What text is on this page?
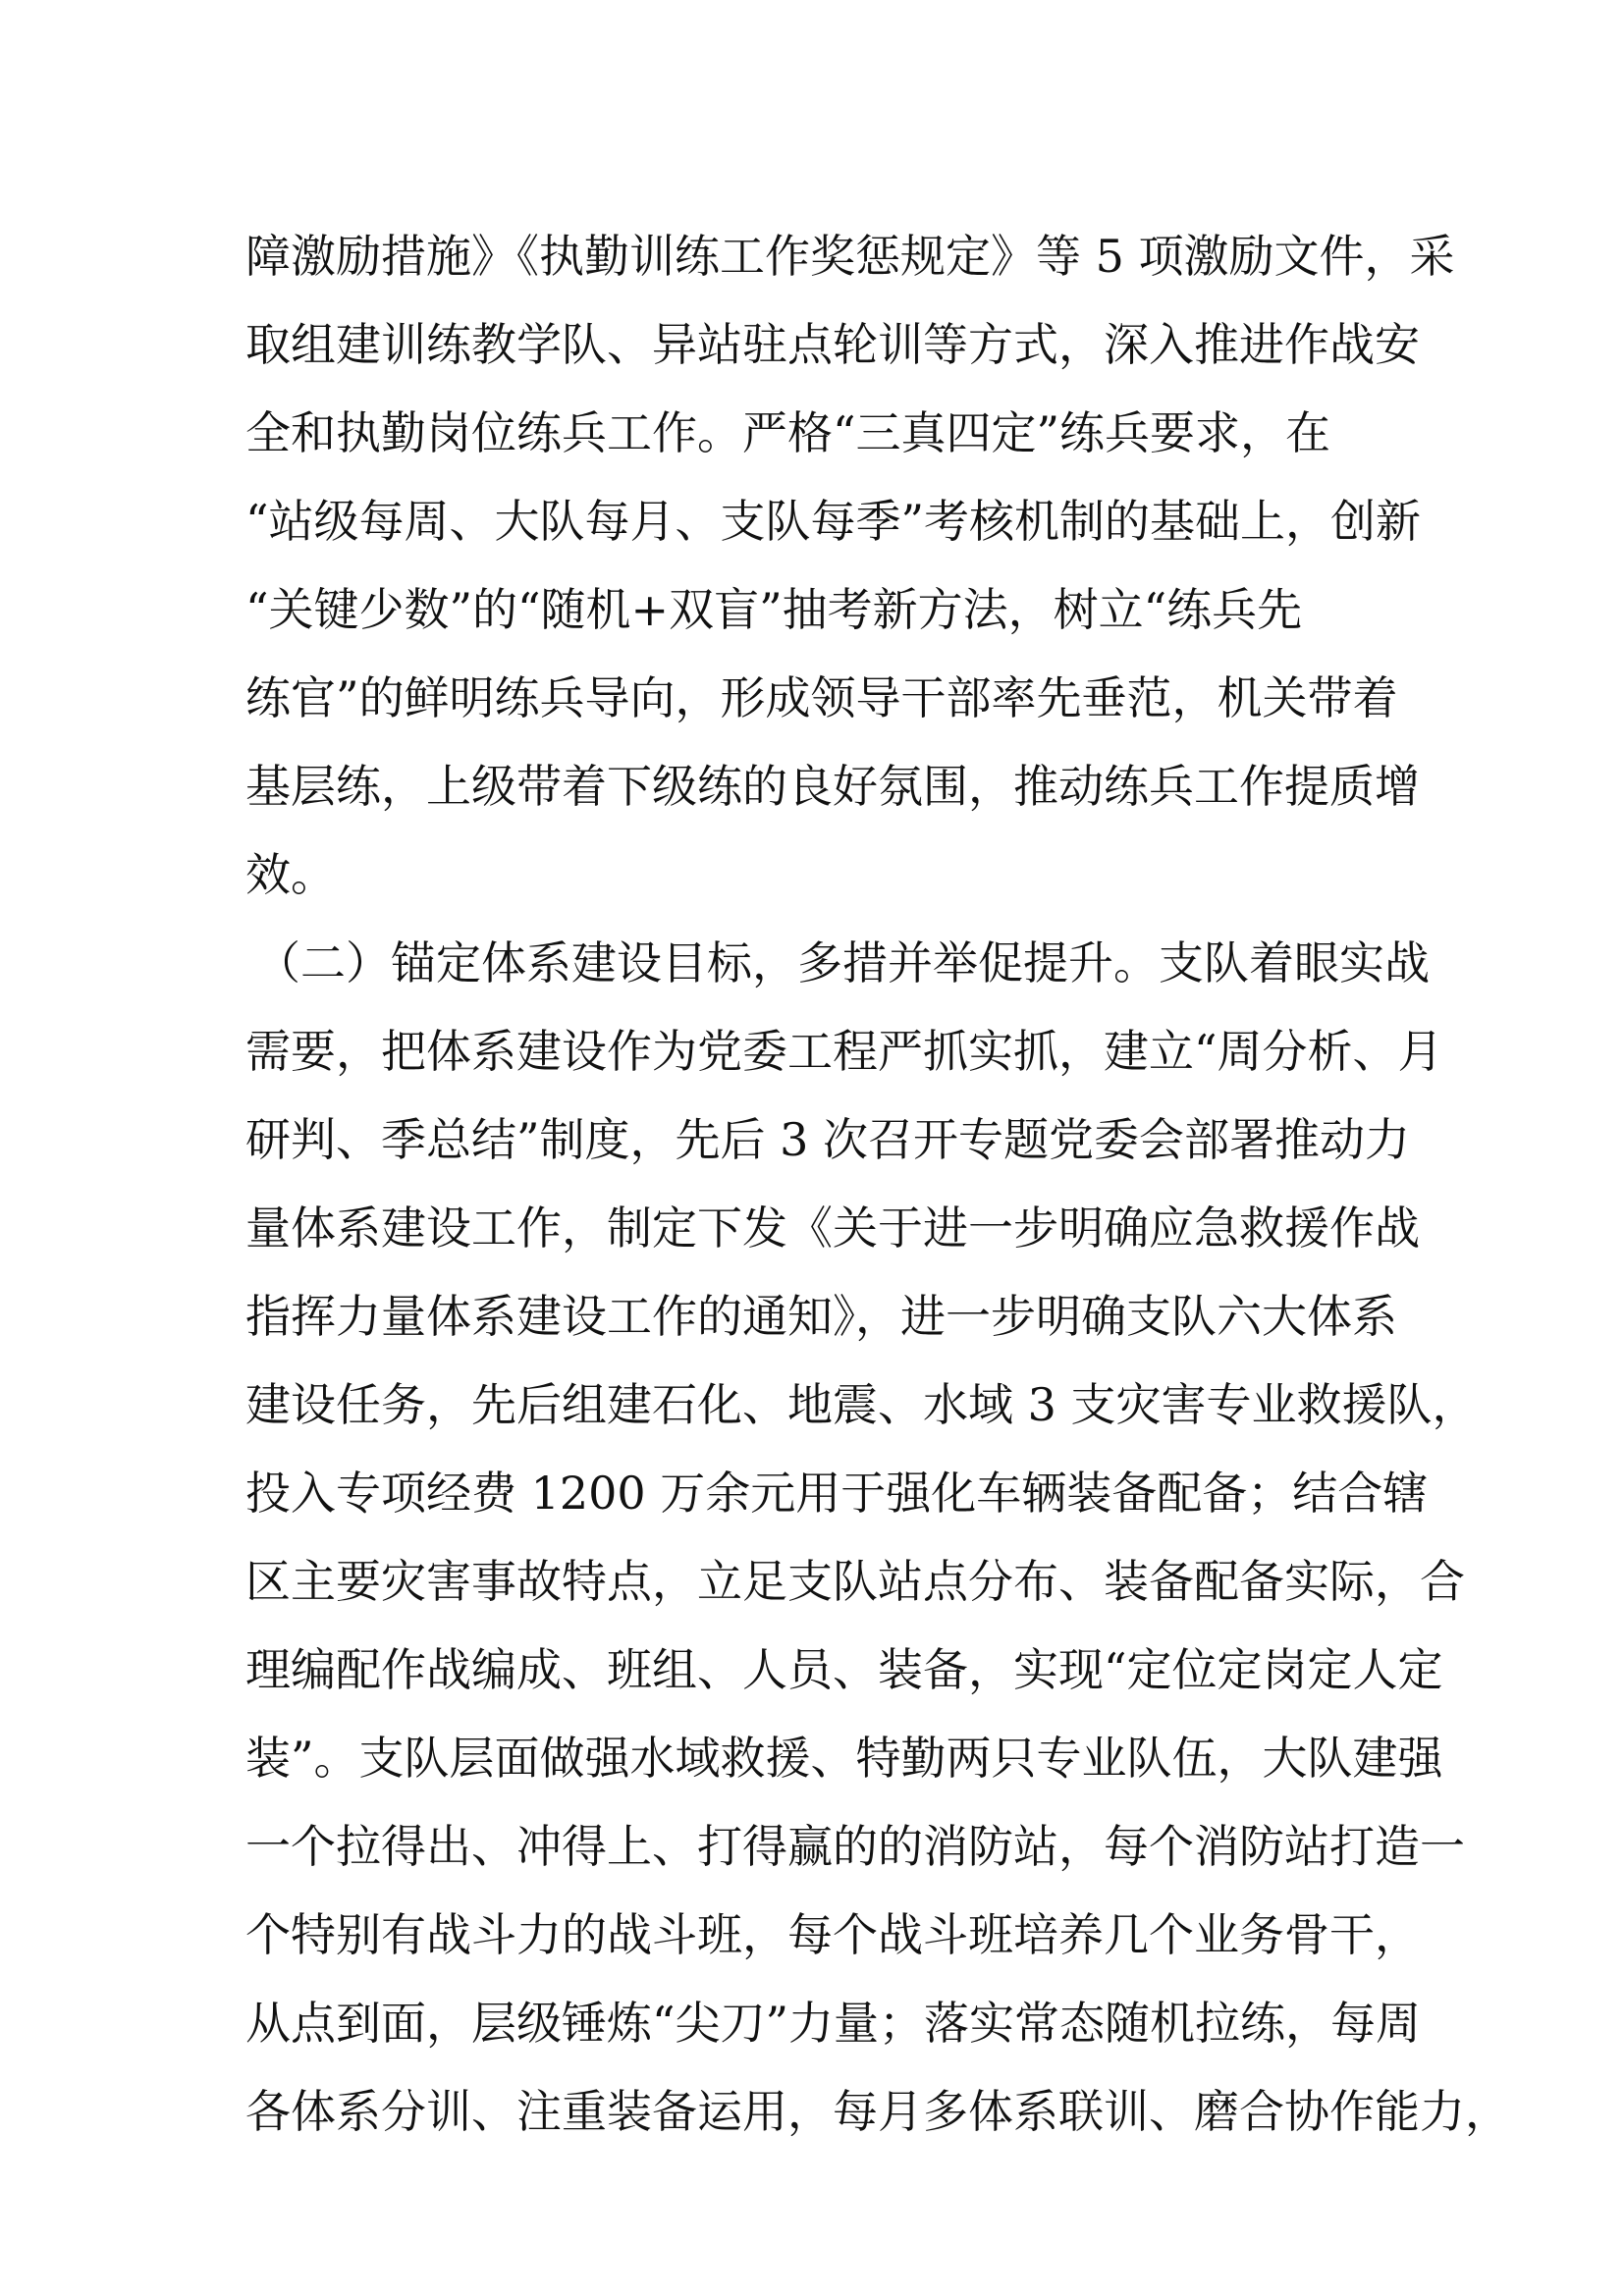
障激励措施》《执勤训练工作奖惩规定》等 5 项激励文件，采
取组建训练教学队、异站驻点轮训等方式，深入推进作战安
全和执勤岗位练兵工作。严格“三真四定”练兵要求，在
“站级每周、大队每月、支队每季”考核机制的基础上，创新
“关键少数”的“随机+双盲”抽考新方法，树立“练兵先
练官”的鲜明练兵导向，形成领导干部率先垂范，机关带着
基层练，上级带着下级练的良好氛围，推动练兵工作提质增
效。
（二）锚定体系建设目标，多措并举促提升。支队着眼实战
需要，把体系建设作为党委工程严抓实抓，建立“周分析、月
研判、季总结”制度，先后 3 次召开专题党委会部署推动力
量体系建设工作，制定下发《关于进一步明确应急救援作战
指挥力量体系建设工作的通知》，进一步明确支队六大体系
建设任务，先后组建石化、地震、水域 3 支灾害专业救援队，
投入专项经费 1200 万余元用于强化车辆装备配备；结合辖
区主要灾害事故特点，立足支队站点分布、装备配备实际，合
理编配作战编成、班组、人员、装备，实现“定位定岗定人定
装”。支队层面做强水域救援、特勤两只专业队伍，大队建强
一个拉得出、冲得上、打得赢的的消防站，每个消防站打造一
个特别有战斗力的战斗班，每个战斗班培养几个业务骨干，
从点到面，层级锤炼“尖刀”力量；落实常态随机拉练，每周
各体系分训、注重装备运用，每月多体系联训、磨合协作能力，
